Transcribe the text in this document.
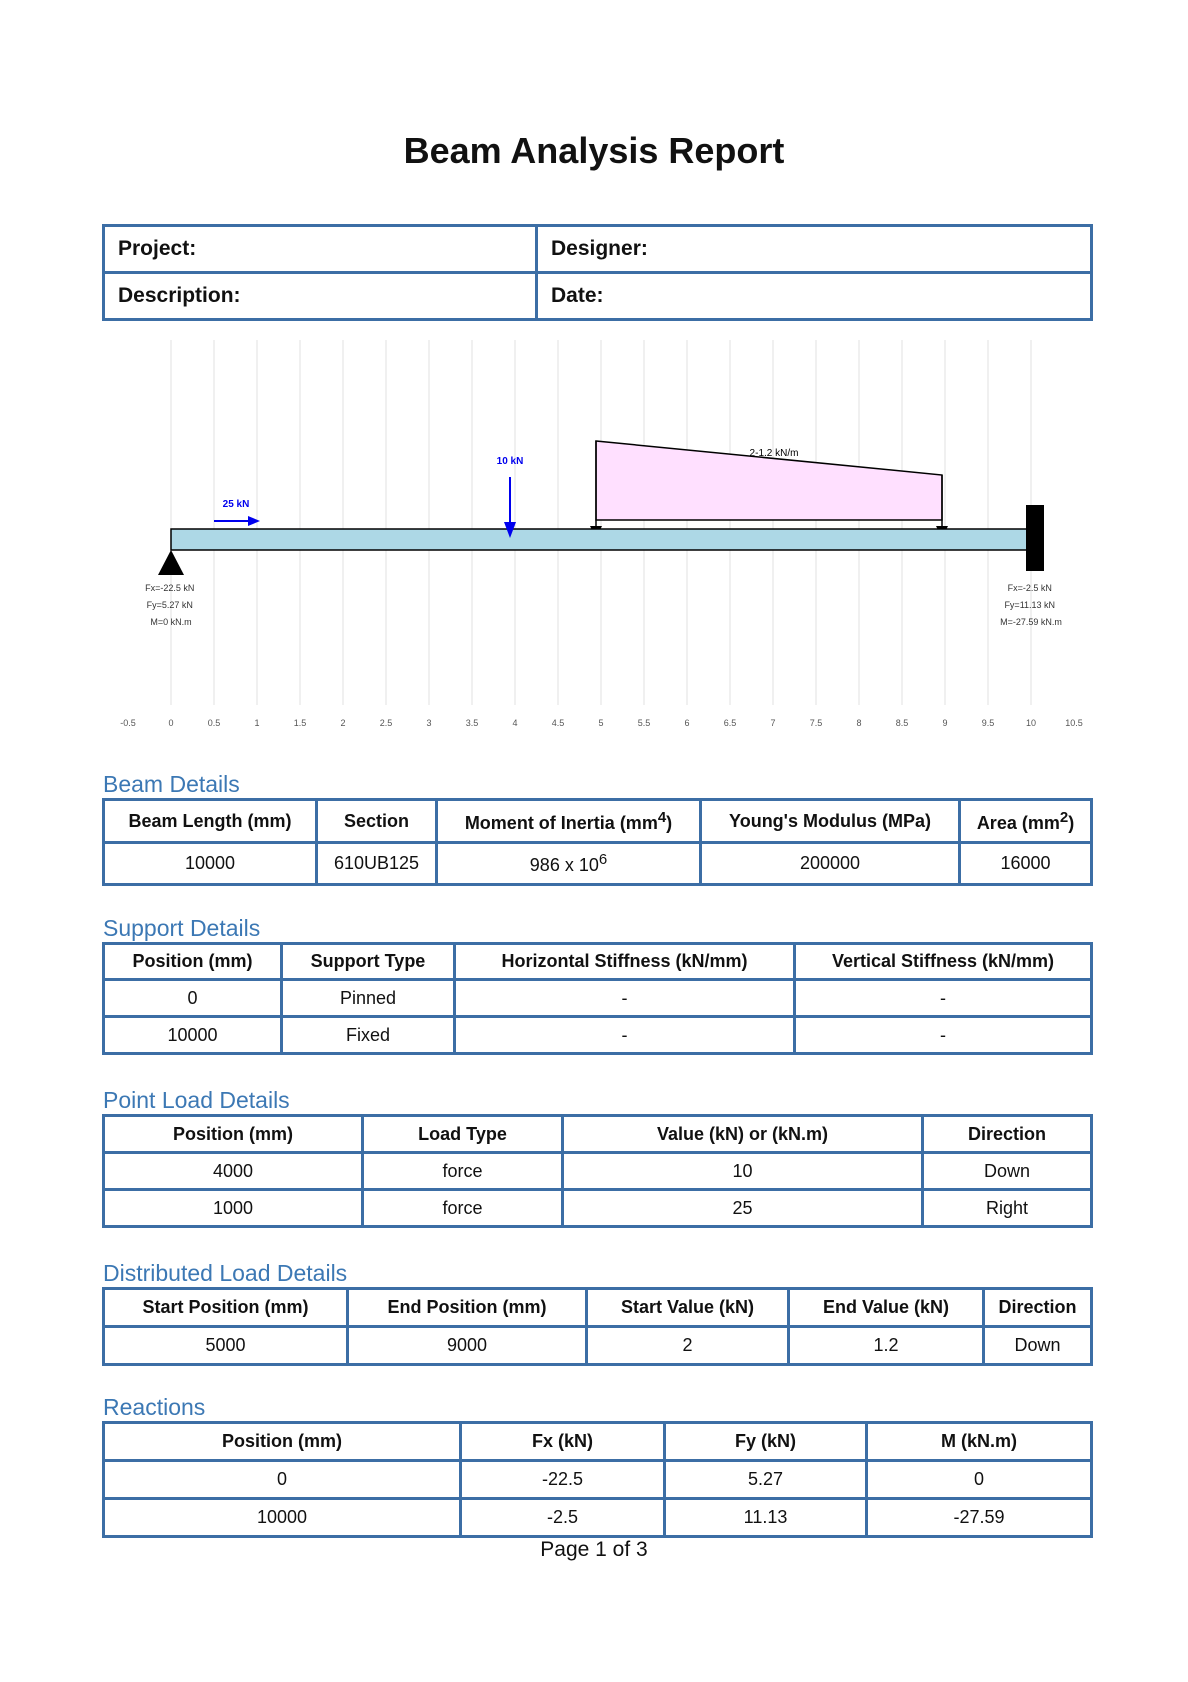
Beam Analysis Report
Project:	Designer:
Description:	Date:
-0.5	0	0.5	1	1.5	2	2.5	3	3.5	4	4.5	5	5.5	6	6.5	7	7.5	8	8.5	9	9.5	10	10.5
2-1.2 kN/m
10 kN
25 kN
Fx=-22.5 kN Fy=5.27 kN M=0 kN.m
Fx=-2.5 kN Fy=11.13 kN M=-27.59 kN.m
Beam Details
Beam Length (mm)	Section	Moment of Inertia $(mm^4)$	Young's Modulus (MPa)	Area $(mm^2)$
10000	610UB125	986 x $10^6$	200000	16000
Support Details
Position (mm)	Support Type	Horizontal Stiffness (kN/mm)	Vertical Stiffness (kN/mm)
0	Pinned	-	-
10000	Fixed	-	-
Point Load Details
Position (mm)	Load Type	Value (kN) or (kN.m)	Direction
4000	force	10	Down
1000	force	25	Right
Distributed Load Details
Start Position (mm)	End Position (mm)	Start Value (kN)	End Value (kN)	Direction
5000	9000	2	1.2	Down
Reactions
Position (mm)	Fx (kN)	Fy (kN)	M (kN.m)
0	-22.5	5.27	0
10000	-2.5	11.13	-27.59
Page 1 of 3
